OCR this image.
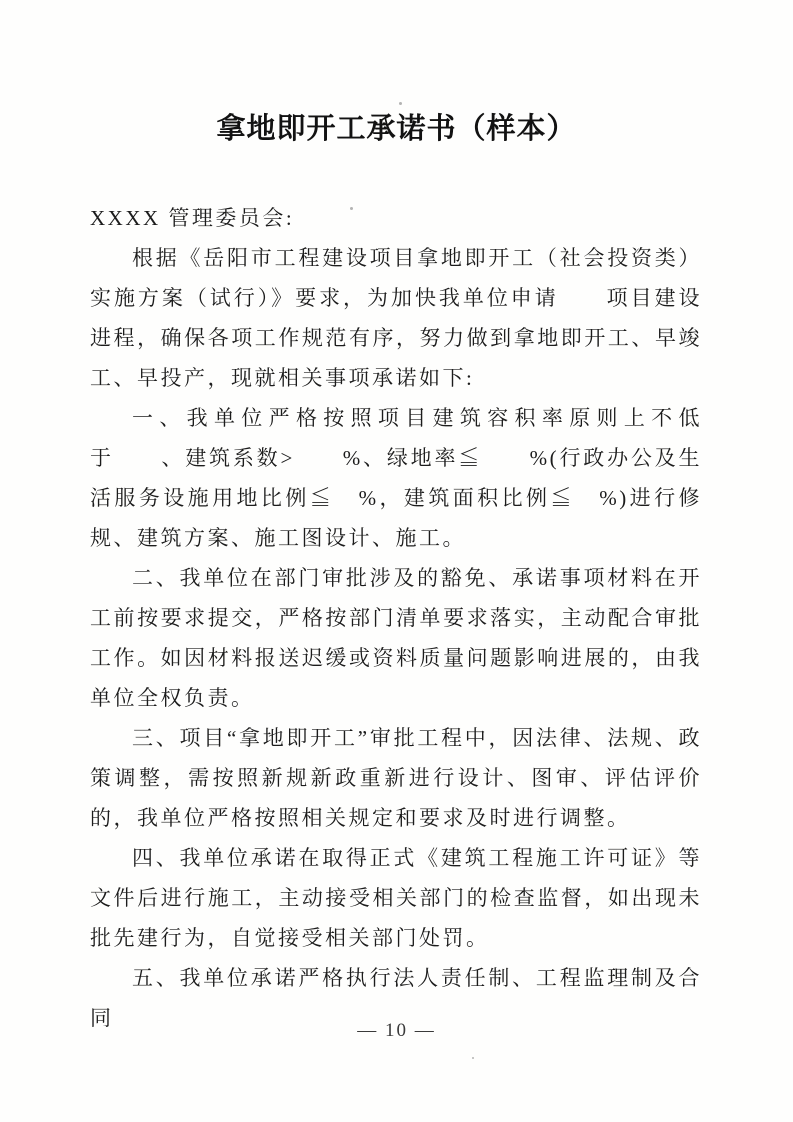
拿地即开工承诺书（样本）

XXXX 管理委员会:

根据《岳阳市工程建设项目拿地即开工（社会投资类）实施方案（试行）》要求，为加快我单位申请　　项目建设进程，确保各项工作规范有序，努力做到拿地即开工、早竣工、早投产，现就相关事项承诺如下:

一、我单位严格按照项目建筑容积率原则上不低于　　、建筑系数>　　%、绿地率≦　　%(行政办公及生活服务设施用地比例≦　%，建筑面积比例≦　%)进行修规、建筑方案、施工图设计、施工。

二、我单位在部门审批涉及的豁免、承诺事项材料在开工前按要求提交，严格按部门清单要求落实，主动配合审批工作。如因材料报送迟缓或资料质量问题影响进展的，由我单位全权负责。

三、项目“拿地即开工”审批工程中，因法律、法规、政策调整，需按照新规新政重新进行设计、图审、评估评价的，我单位严格按照相关规定和要求及时进行调整。

四、我单位承诺在取得正式《建筑工程施工许可证》等文件后进行施工，主动接受相关部门的检查监督，如出现未批先建行为，自觉接受相关部门处罚。

五、我单位承诺严格执行法人责任制、工程监理制及合同

— 10 —
